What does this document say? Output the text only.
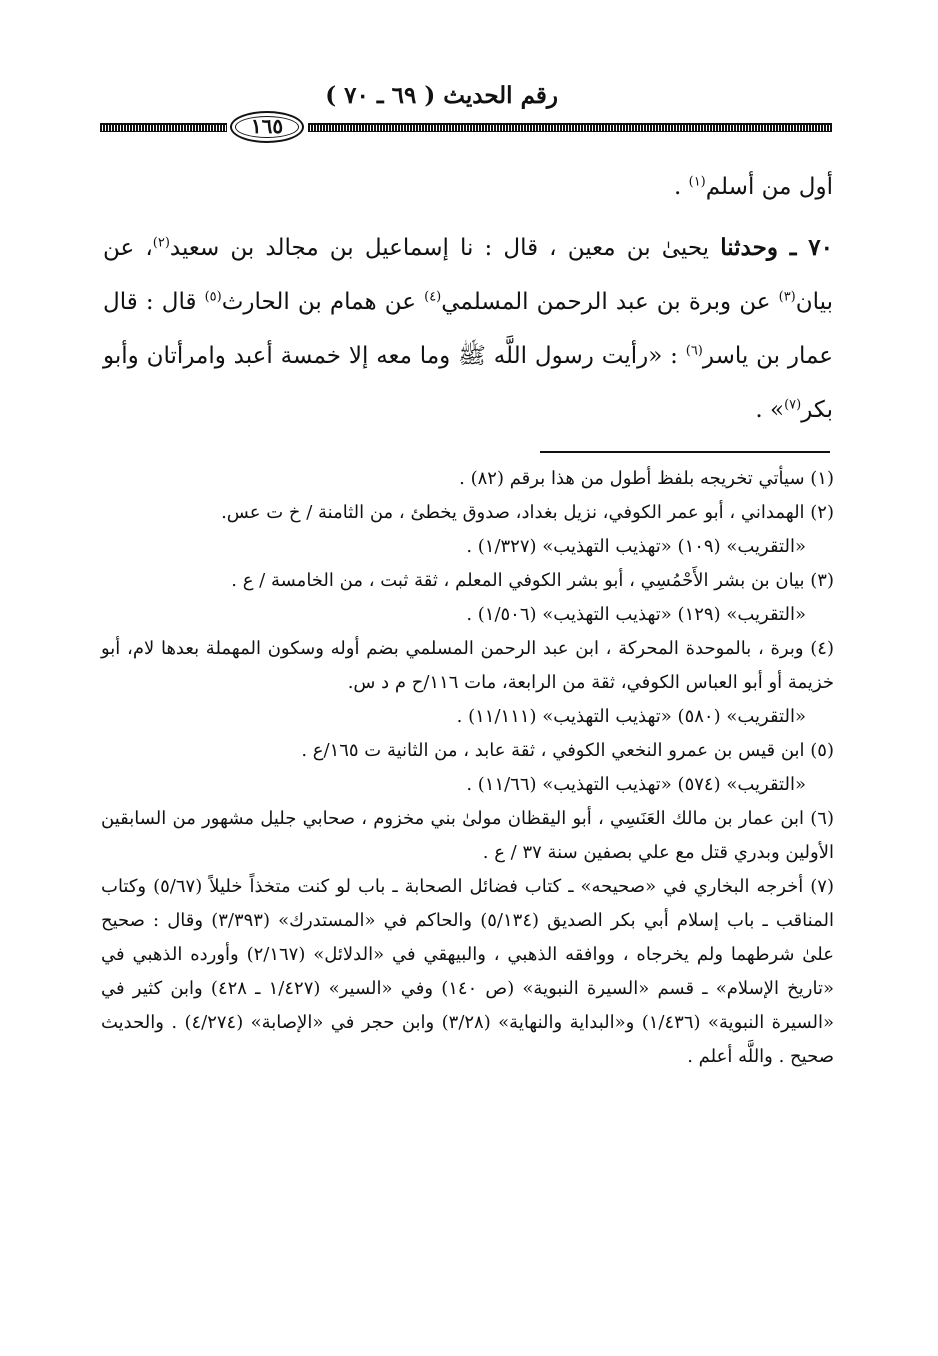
رقم الحديث ( ٦٩ ـ ٧٠ )
١٦٥
أول من أسلم$^{(١)}$ .
٧٠ ـ وحدثنا يحيىٰ بن معين ، قال : نا إسماعيل بن مجالد بن سعيد$^{(٢)}$، عن بيان$^{(٣)}$ عن وبرة بن عبد الرحمن المسلمي$^{(٤)}$ عن همام بن الحارث$^{(٥)}$ قال : قال عمار بن ياسر$^{(٦)}$ : «رأيت رسول اللَّه ﷺ وما معه إلا خمسة أعبد وامرأتان وأبو بكر$^{(٧)}$» .
(١) سيأتي تخريجه بلفظ أطول من هذا برقم (٨٢) .
(٢) الهمداني ، أبو عمر الكوفي، نزيل بغداد، صدوق يخطئ ، من الثامنة / خ ت عس.
«التقريب» (١٠٩) «تهذيب التهذيب» (١/٣٢٧) .
(٣) بيان بن بشر الأَحْمُسِي ، أبو بشر الكوفي المعلم ، ثقة ثبت ، من الخامسة / ع .
«التقريب» (١٢٩) «تهذيب التهذيب» (١/٥٠٦) .
(٤) وبرة ، بالموحدة المحركة ، ابن عبد الرحمن المسلمي بضم أوله وسكون المهملة بعدها لام، أبو خزيمة أو أبو العباس الكوفي، ثقة من الرابعة، مات ١١٦/ح م د س.
«التقريب» (٥٨٠) «تهذيب التهذيب» (١١/١١١) .
(٥) ابن قيس بن عمرو النخعي الكوفي ، ثقة عابد ، من الثانية ت ١٦٥/ع .
«التقريب» (٥٧٤) «تهذيب التهذيب» (١١/٦٦) .
(٦) ابن عمار بن مالك العَنَسِي ، أبو اليقظان مولىٰ بني مخزوم ، صحابي جليل مشهور من السابقين الأولين وبدري قتل مع علي بصفين سنة ٣٧ / ع .
(٧) أخرجه البخاري في «صحيحه» ـ كتاب فضائل الصحابة ـ باب لو كنت متخذاً خليلاً (٥/٦٧) وكتاب المناقب ـ باب إسلام أبي بكر الصديق (٥/١٣٤) والحاكم في «المستدرك» (٣/٣٩٣) وقال : صحيح علىٰ شرطهما ولم يخرجاه ، ووافقه الذهبي ، والبيهقي في «الدلائل» (٢/١٦٧) وأورده الذهبي في «تاريخ الإسلام» ـ قسم «السيرة النبوية» (ص ١٤٠) وفي «السير» (١/٤٢٧ ـ ٤٢٨) وابن كثير في «السيرة النبوية» (١/٤٣٦) و«البداية والنهاية» (٣/٢٨) وابن حجر في «الإصابة» (٤/٢٧٤) . والحديث صحيح . واللَّه أعلم .
